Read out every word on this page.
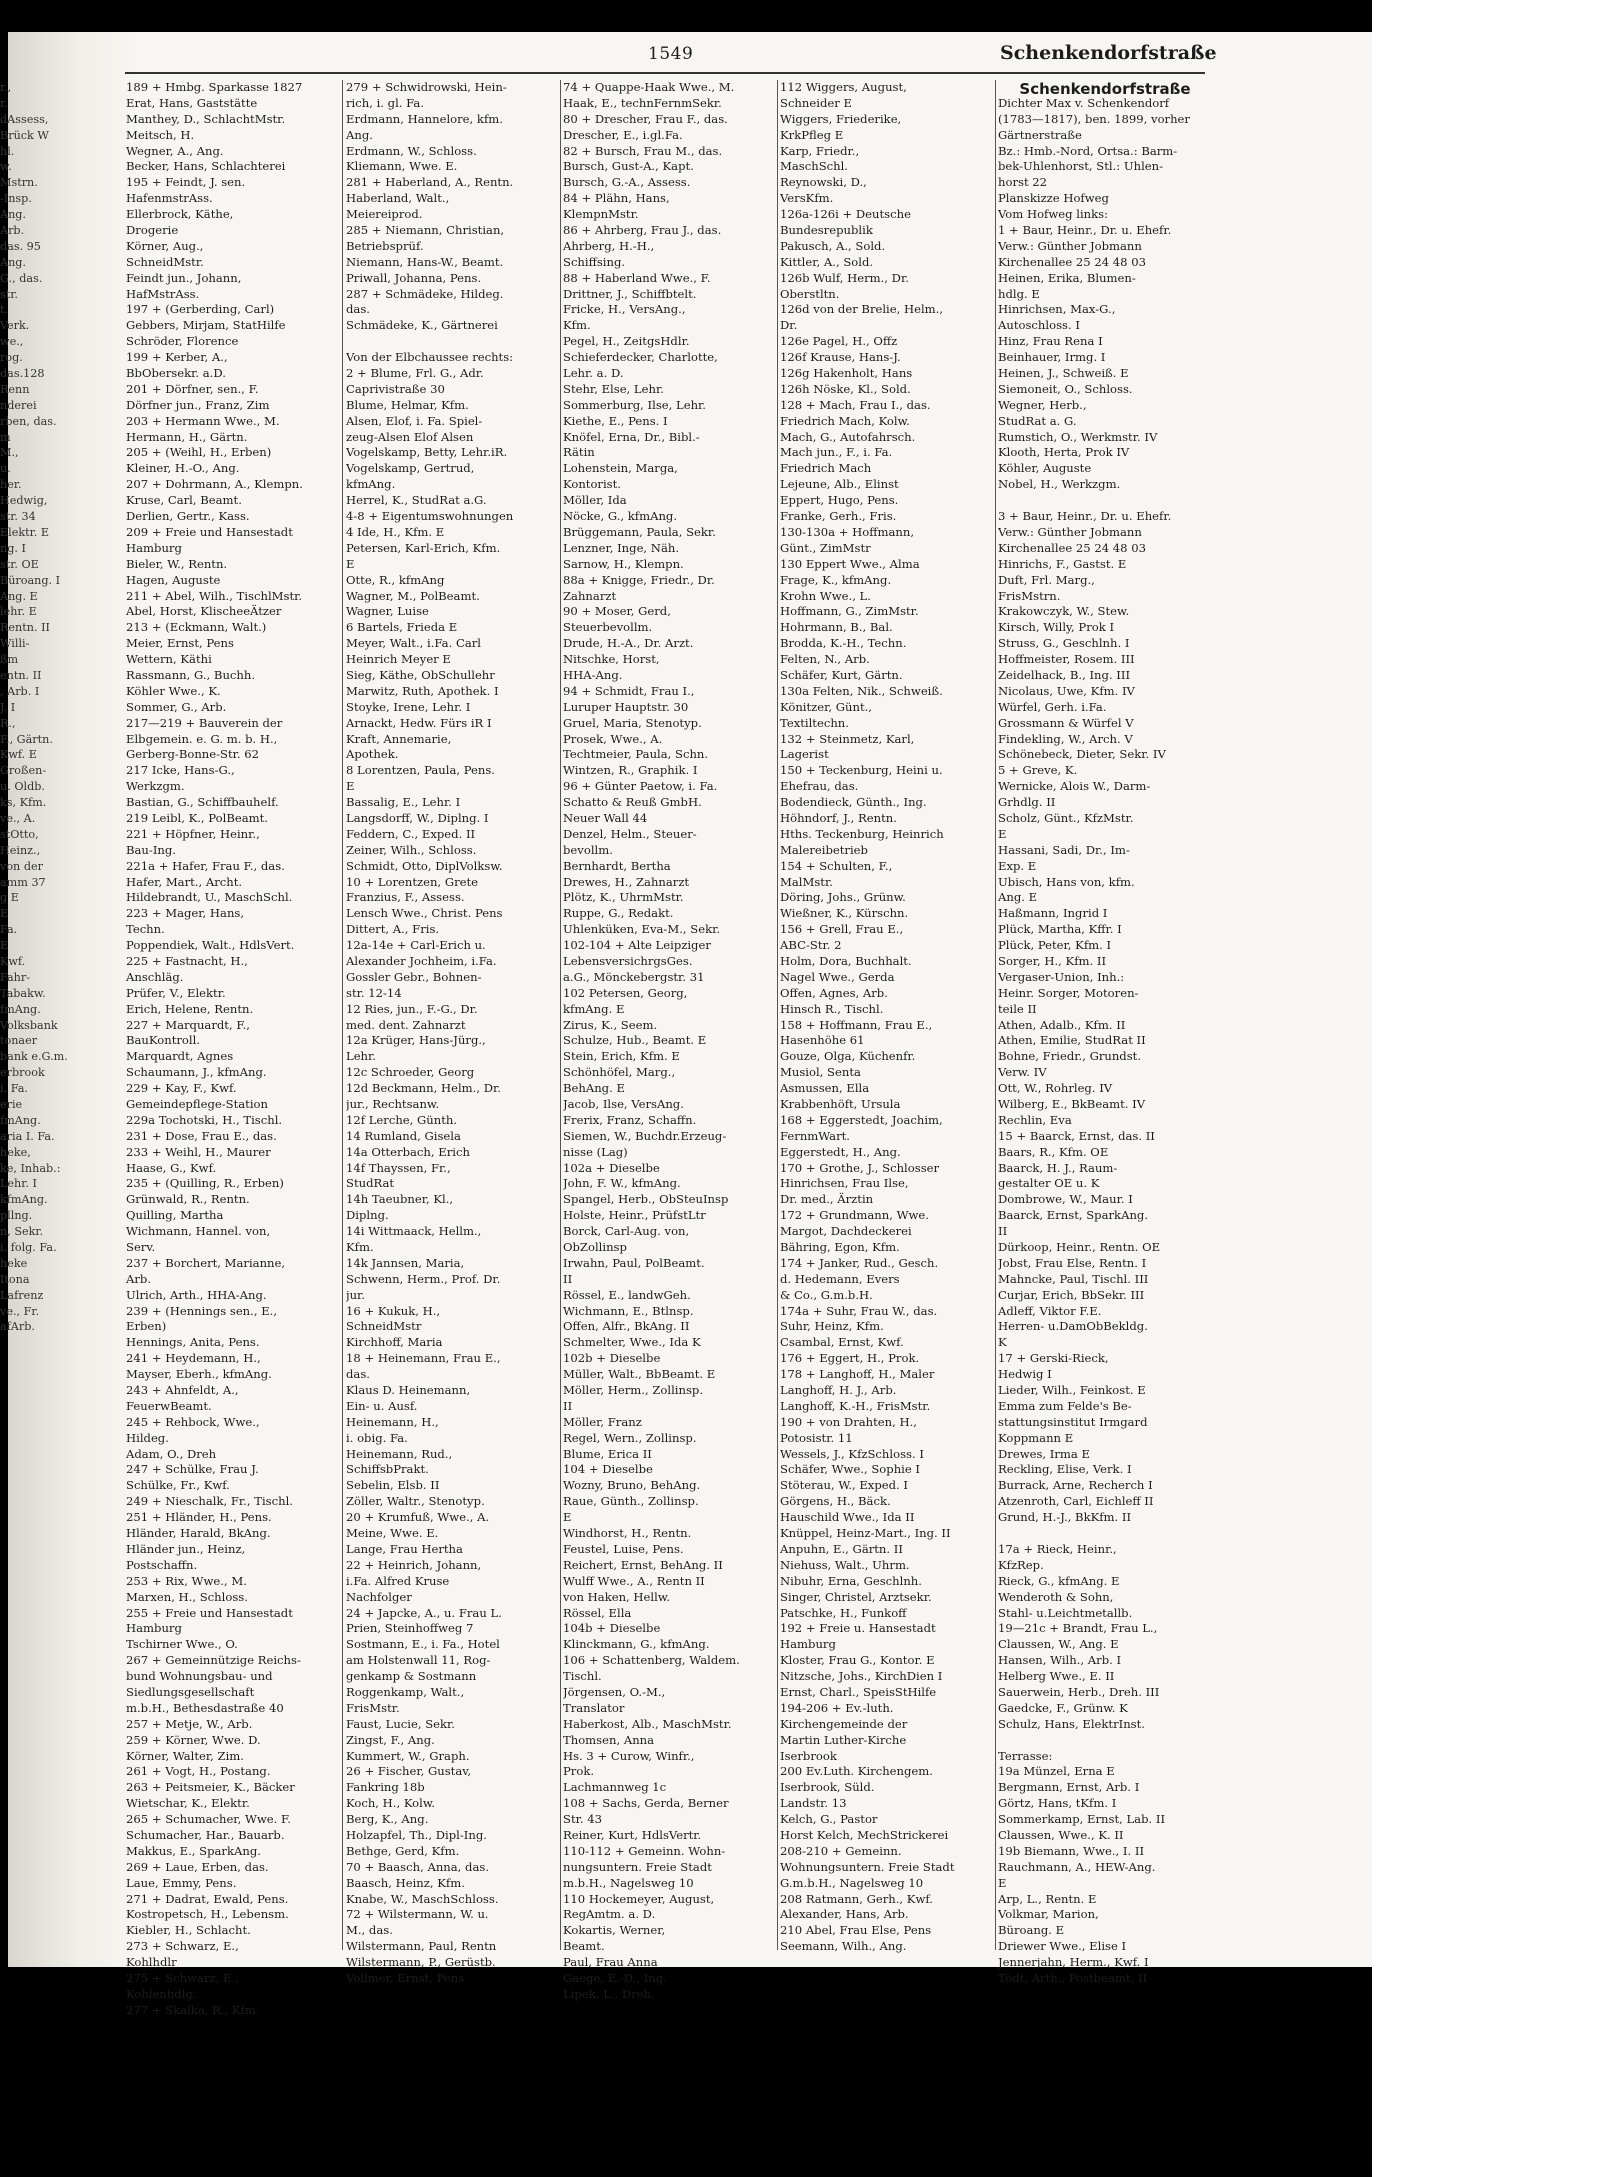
1549	Schenkendorfstraße
r.,
r.
dAssess,
Brück W
hl.
w.
Mstrn.
-Insp.
Ang.
Arb.
das. 95
Ang.
G., das.
str.
t.
Verk.
we.,
rog.
das.128
Renn
nderei
rben, das.
m
M.,
u.
her.
Hedwig,
str. 34
Elektr. E
ng. I
str. OE
Büroang. I
Ang. E
lehr. E
Rentn. II
Willi-
ßm
entn. II
, Arb. I
J. I
R.,
F., Gärtn.
Kwf. E
Großen-
u. Oldb.
ks, Kfm.
ve., A.
stOtto,
Heinz.,
von der
amm 37
g E
E
Fa.
E
Kwf.
Fahr-
Tabakw.
fmAng.
Volksbank
tonaer
bank e.G.m.
erbrook
i. Fa.
erie
fmAng.
aria I. Fa.
heke,
ke, Inhab.:
Lehr. I
kfmAng.
pllng.
n, Sekr.
i. folg. Fa.
heke
Itona
Lafrenz
ve., Fr.
afArb.
189 + Hmbg. Sparkasse 1827
Erat, Hans, Gaststätte
Manthey, D., SchlachtMstr.
Meitsch, H.
Wegner, A., Ang.
Becker, Hans, Schlachterei
195 + Feindt, J. sen.
HafenmstrAss.
Ellerbrock, Käthe,
Drogerie
Körner, Aug.,
SchneidMstr.
Feindt jun., Johann,
HafMstrAss.
197 + (Gerberding, Carl)
Gebbers, Mirjam, StatHilfe
Schröder, Florence
199 + Kerber, A.,
BbObersekr. a.D.
201 + Dörfner, sen., F.
Dörfner jun., Franz, Zim
203 + Hermann Wwe., M.
Hermann, H., Gärtn.
205 + (Weihl, H., Erben)
Kleiner, H.-O., Ang.
207 + Dohrmann, A., Klempn.
Kruse, Carl, Beamt.
Derlien, Gertr., Kass.
209 + Freie und Hansestadt
Hamburg
Bieler, W., Rentn.
Hagen, Auguste
211 + Abel, Wilh., TischlMstr.
Abel, Horst, KlischeeÄtzer
213 + (Eckmann, Walt.)
Meier, Ernst, Pens
Wettern, Käthi
Rassmann, G., Buchh.
Köhler Wwe., K.
Sommer, G., Arb.
217—219 + Bauverein der
Elbgemein. e. G. m. b. H.,
Gerberg-Bonne-Str. 62
217 Icke, Hans-G.,
Werkzgm.
Bastian, G., Schiffbauhelf.
219 Leibl, K., PolBeamt.
221 + Höpfner, Heinr.,
Bau-Ing.
221a + Hafer, Frau F., das.
Hafer, Mart., Archt.
Hildebrandt, U., MaschSchl.
223 + Mager, Hans,
Techn.
Poppendiek, Walt., HdlsVert.
225 + Fastnacht, H.,
Anschläg.
Prüfer, V., Elektr.
Erich, Helene, Rentn.
227 + Marquardt, F.,
BauKontroll.
Marquardt, Agnes
Schaumann, J., kfmAng.
229 + Kay, F., Kwf.
Gemeindepflege-Station
229a Tochotski, H., Tischl.
231 + Dose, Frau E., das.
233 + Weihl, H., Maurer
Haase, G., Kwf.
235 + (Quilling, R., Erben)
Grünwald, R., Rentn.
Quilling, Martha
Wichmann, Hannel. von,
Serv.
237 + Borchert, Marianne,
Arb.
Ulrich, Arth., HHA-Ang.
239 + (Hennings sen., E.,
Erben)
Hennings, Anita, Pens.
241 + Heydemann, H.,
Mayser, Eberh., kfmAng.
243 + Ahnfeldt, A.,
FeuerwBeamt.
245 + Rehbock, Wwe.,
Hildeg.
Adam, O., Dreh
247 + Schülke, Frau J.
Schülke, Fr., Kwf.
249 + Nieschalk, Fr., Tischl.
251 + Hländer, H., Pens.
Hländer, Harald, BkAng.
Hländer jun., Heinz,
Postschaffn.
253 + Rix, Wwe., M.
Marxen, H., Schloss.
255 + Freie und Hansestadt
Hamburg
Tschirner Wwe., O.
267 + Gemeinnützige Reichs-
bund Wohnungsbau- und
Siedlungsgesellschaft
m.b.H., Bethesdastraße 40
257 + Metje, W., Arb.
259 + Körner, Wwe. D.
Körner, Walter, Zim.
261 + Vogt, H., Postang.
263 + Peitsmeier, K., Bäcker
Wietschar, K., Elektr.
265 + Schumacher, Wwe. F.
Schumacher, Har., Bauarb.
Makkus, E., SparkAng.
269 + Laue, Erben, das.
Laue, Emmy, Pens.
271 + Dadrat, Ewald, Pens.
Kostropetsch, H., Lebensm.
Kiebler, H., Schlacht.
273 + Schwarz, E.,
Kohlhdlr
275 + Schwarz, E.,
Kohlenhdlg.
277 + Skalka, R., Kfm.
279 + Schwidrowski, Hein-
rich, i. gl. Fa.
Erdmann, Hannelore, kfm.
Ang.
Erdmann, W., Schloss.
Kliemann, Wwe. E.
281 + Haberland, A., Rentn.
Haberland, Walt.,
Meiereiprod.
285 + Niemann, Christian,
Betriebsprüf.
Niemann, Hans-W., Beamt.
Priwall, Johanna, Pens.
287 + Schmädeke, Hildeg.
das.
Schmädeke, K., Gärtnerei
Von der Elbchaussee rechts:
2 + Blume, Frl. G., Adr.
Caprivistraße 30
Blume, Helmar, Kfm.
Alsen, Elof, i. Fa. Spiel-
zeug-Alsen Elof Alsen
Vogelskamp, Betty, Lehr.iR.
Vogelskamp, Gertrud,
kfmAng.
Herrel, K., StudRat a.G.
4-8 + Eigentumswohnungen
4 Ide, H., Kfm. E
Petersen, Karl-Erich, Kfm.
E
Otte, R., kfmAng
Wagner, M., PolBeamt.
Wagner, Luise
6 Bartels, Frieda E
Meyer, Walt., i.Fa. Carl
Heinrich Meyer E
Sieg, Käthe, ObSchullehr
Marwitz, Ruth, Apothek. I
Stoyke, Irene, Lehr. I
Arnackt, Hedw. Fürs iR I
Kraft, Annemarie,
Apothek.
8 Lorentzen, Paula, Pens.
E
Bassalig, E., Lehr. I
Langsdorff, W., Diplng. I
Feddern, C., Exped. II
Zeiner, Wilh., Schloss.
Schmidt, Otto, DiplVolksw.
10 + Lorentzen, Grete
Franzius, F., Assess.
Lensch Wwe., Christ. Pens
Dittert, A., Fris.
12a-14e + Carl-Erich u.
Alexander Jochheim, i.Fa.
Gossler Gebr., Bohnen-
str. 12-14
12 Ries, jun., F.-G., Dr.
med. dent. Zahnarzt
12a Krüger, Hans-Jürg.,
Lehr.
12c Schroeder, Georg
12d Beckmann, Helm., Dr.
jur., Rechtsanw.
12f Lerche, Günth.
14 Rumland, Gisela
14a Otterbach, Erich
14f Thayssen, Fr.,
StudRat
14h Taeubner, Kl.,
Diplng.
14i Wittmaack, Hellm.,
Kfm.
14k Jannsen, Maria,
Schwenn, Herm., Prof. Dr.
jur.
16 + Kukuk, H.,
SchneidMstr
Kirchhoff, Maria
18 + Heinemann, Frau E.,
das.
Klaus D. Heinemann,
Ein- u. Ausf.
Heinemann, H.,
i. obig. Fa.
Heinemann, Rud.,
SchiffsbPrakt.
Sebelin, Elsb. II
Zöller, Waltr., Stenotyp.
20 + Krumfuß, Wwe., A.
Meine, Wwe. E.
Lange, Frau Hertha
22 + Heinrich, Johann,
i.Fa. Alfred Kruse
Nachfolger
24 + Japcke, A., u. Frau L.
Prien, Steinhoffweg 7
Sostmann, E., i. Fa., Hotel
am Holstenwall 11, Rog-
genkamp & Sostmann
Roggenkamp, Walt.,
FrisMstr.
Faust, Lucie, Sekr.
Zingst, F., Ang.
Kummert, W., Graph.
26 + Fischer, Gustav,
Fankring 18b
Koch, H., Kolw.
Berg, K., Ang.
Holzapfel, Th., Dipl-Ing.
Bethge, Gerd, Kfm.
70 + Baasch, Anna, das.
Baasch, Heinz, Kfm.
Knabe, W., MaschSchloss.
72 + Wilstermann, W. u.
M., das.
Wilstermann, Paul, Rentn
Wilstermann, P., Gerüstb.
Vollmer, Ernst, Pens
74 + Quappe-Haak Wwe., M.
Haak, E., technFernmSekr.
80 + Drescher, Frau F., das.
Drescher, E., i.gl.Fa.
82 + Bursch, Frau M., das.
Bursch, Gust-A., Kapt.
Bursch, G.-A., Assess.
84 + Plähn, Hans,
KlempnMstr.
86 + Ahrberg, Frau J., das.
Ahrberg, H.-H.,
Schiffsing.
88 + Haberland Wwe., F.
Drittner, J., Schiffbtelt.
Fricke, H., VersAng.,
Kfm.
Pegel, H., ZeitgsHdlr.
Schieferdecker, Charlotte,
Lehr. a. D.
Stehr, Else, Lehr.
Sommerburg, Ilse, Lehr.
Kiethe, E., Pens. I
Knöfel, Erna, Dr., Bibl.-
Rätin
Lohenstein, Marga,
Kontorist.
Möller, Ida
Nöcke, G., kfmAng.
Brüggemann, Paula, Sekr.
Lenzner, Inge, Näh.
Sarnow, H., Klempn.
88a + Knigge, Friedr., Dr.
Zahnarzt
90 + Moser, Gerd,
Steuerbevollm.
Drude, H.-A., Dr. Arzt.
Nitschke, Horst,
HHA-Ang.
94 + Schmidt, Frau I.,
Luruper Hauptstr. 30
Gruel, Maria, Stenotyp.
Prosek, Wwe., A.
Techtmeier, Paula, Schn.
Wintzen, R., Graphik. I
96 + Günter Paetow, i. Fa.
Schatto & Reuß GmbH.
Neuer Wall 44
Denzel, Helm., Steuer-
bevollm.
Bernhardt, Bertha
Drewes, H., Zahnarzt
Plötz, K., UhrmMstr.
Ruppe, G., Redakt.
Uhlenküken, Eva-M., Sekr.
102-104 + Alte Leipziger
LebensversichrgsGes.
a.G., Mönckebergstr. 31
102 Petersen, Georg,
kfmAng. E
Zirus, K., Seem.
Schulze, Hub., Beamt. E
Stein, Erich, Kfm. E
Schönhöfel, Marg.,
BehAng. E
Jacob, Ilse, VersAng.
Frerix, Franz, Schaffn.
Siemen, W., Buchdr.Erzeug-
nisse (Lag)
102a + Dieselbe
John, F. W., kfmAng.
Spangel, Herb., ObSteuInsp
Holste, Heinr., PrüfstLtr
Borck, Carl-Aug. von,
ObZollinsp
Irwahn, Paul, PolBeamt.
II
Rössel, E., landwGeh.
Wichmann, E., Btlnsp.
Offen, Alfr., BkAng. II
Schmelter, Wwe., Ida K
102b + Dieselbe
Müller, Walt., BbBeamt. E
Möller, Herm., Zollinsp.
II
Möller, Franz
Regel, Wern., Zollinsp.
Blume, Erica II
104 + Dieselbe
Wozny, Bruno, BehAng.
Raue, Günth., Zollinsp.
E
Windhorst, H., Rentn.
Feustel, Luise, Pens.
Reichert, Ernst, BehAng. II
Wulff Wwe., A., Rentn II
von Haken, Hellw.
Rössel, Ella
104b + Dieselbe
Klinckmann, G., kfmAng.
106 + Schattenberg, Waldem.
Tischl.
Jörgensen, O.-M.,
Translator
Haberkost, Alb., MaschMstr.
Thomsen, Anna
Hs. 3 + Curow, Winfr.,
Prok.
Lachmannweg 1c
108 + Sachs, Gerda, Berner
Str. 43
Reiner, Kurt, HdlsVertr.
110-112 + Gemeinn. Wohn-
nungsuntern. Freie Stadt
m.b.H., Nagelsweg 10
110 Hockemeyer, August,
RegAmtm. a. D.
Kokartis, Werner,
Beamt.
Paul, Frau Anna
Gaege, E.-D., Ing.
Lipek, L., Dreh.
112 Wiggers, August,
Schneider E
Wiggers, Friederike,
KrkPfleg E
Karp, Friedr.,
MaschSchl.
Reynowski, D.,
VersKfm.
126a-126i + Deutsche
Bundesrepublik
Pakusch, A., Sold.
Kittler, A., Sold.
126b Wulf, Herm., Dr.
Oberstltn.
126d von der Brelie, Helm.,
Dr.
126e Pagel, H., Offz
126f Krause, Hans-J.
126g Hakenholt, Hans
126h Nöske, Kl., Sold.
128 + Mach, Frau I., das.
Friedrich Mach, Kolw.
Mach, G., Autofahrsch.
Mach jun., F., i. Fa.
Friedrich Mach
Lejeune, Alb., Elinst
Eppert, Hugo, Pens.
Franke, Gerh., Fris.
130-130a + Hoffmann,
Günt., ZimMstr
130 Eppert Wwe., Alma
Frage, K., kfmAng.
Krohn Wwe., L.
Hoffmann, G., ZimMstr.
Hohrmann, B., Bal.
Brodda, K.-H., Techn.
Felten, N., Arb.
Schäfer, Kurt, Gärtn.
130a Felten, Nik., Schweiß.
Könitzer, Günt.,
Textiltechn.
132 + Steinmetz, Karl,
Lagerist
150 + Teckenburg, Heini u.
Ehefrau, das.
Bodendieck, Günth., Ing.
Höhndorf, J., Rentn.
Hths. Teckenburg, Heinrich
Malereibetrieb
154 + Schulten, F.,
MalMstr.
Döring, Johs., Grünw.
Wießner, K., Kürschn.
156 + Grell, Frau E.,
ABC-Str. 2
Holm, Dora, Buchhalt.
Nagel Wwe., Gerda
Offen, Agnes, Arb.
Hinsch R., Tischl.
158 + Hoffmann, Frau E.,
Hasenhöhe 61
Gouze, Olga, Küchenfr.
Musiol, Senta
Asmussen, Ella
Krabbenhöft, Ursula
168 + Eggerstedt, Joachim,
FernmWart.
Eggerstedt, H., Ang.
170 + Grothe, J., Schlosser
Hinrichsen, Frau Ilse,
Dr. med., Ärztin
172 + Grundmann, Wwe.
Margot, Dachdeckerei
Bähring, Egon, Kfm.
174 + Janker, Rud., Gesch.
d. Hedemann, Evers
& Co., G.m.b.H.
174a + Suhr, Frau W., das.
Suhr, Heinz, Kfm.
Csambal, Ernst, Kwf.
176 + Eggert, H., Prok.
178 + Langhoff, H., Maler
Langhoff, H. J., Arb.
Langhoff, K.-H., FrisMstr.
190 + von Drahten, H.,
Potosistr. 11
Wessels, J., KfzSchloss. I
Schäfer, Wwe., Sophie I
Stöterau, W., Exped. I
Görgens, H., Bäck.
Hauschild Wwe., Ida II
Knüppel, Heinz-Mart., Ing. II
Anpuhn, E., Gärtn. II
Niehuss, Walt., Uhrm.
Nibuhr, Erna, Geschlnh.
Singer, Christel, Arztsekr.
Patschke, H., Funkoff
192 + Freie u. Hansestadt
Hamburg
Kloster, Frau G., Kontor. E
Nitzsche, Johs., KirchDien I
Ernst, Charl., SpeisStHilfe
194-206 + Ev.-luth.
Kirchengemeinde der
Martin Luther-Kirche
Iserbrook
200 Ev.Luth. Kirchengem.
Iserbrook, Süld.
Landstr. 13
Kelch, G., Pastor
Horst Kelch, MechStrickerei
208-210 + Gemeinn.
Wohnungsuntern. Freie Stadt
G.m.b.H., Nagelsweg 10
208 Ratmann, Gerh., Kwf.
Alexander, Hans, Arb.
210 Abel, Frau Else, Pens
Seemann, Wilh., Ang.
Dichter Max v. Schenkendorf
(1783—1817), ben. 1899, vorher
Gärtnerstraße
Bz.: Hmb.-Nord, Ortsa.: Barm-
bek-Uhlenhorst, Stl.: Uhlen-
horst 22
Planskizze Hofweg
Vom Hofweg links:
1 + Baur, Heinr., Dr. u. Ehefr.
Verw.: Günther Jobmann
Kirchenallee 25 24 48 03
Heinen, Erika, Blumen-
hdlg. E
Hinrichsen, Max-G.,
Autoschloss. I
Hinz, Frau Rena I
Beinhauer, Irmg. I
Heinen, J., Schweiß. E
Siemoneit, O., Schloss.
Wegner, Herb.,
StudRat a. G.
Rumstich, O., Werkmstr. IV
Klooth, Herta, Prok IV
Köhler, Auguste
Nobel, H., Werkzgm.
3 + Baur, Heinr., Dr. u. Ehefr.
Verw.: Günther Jobmann
Kirchenallee 25 24 48 03
Hinrichs, F., Gastst. E
Duft, Frl. Marg.,
FrisMstrn.
Krakowczyk, W., Stew.
Kirsch, Willy, Prok I
Struss, G., Geschlnh. I
Hoffmeister, Rosem. III
Zeidelhack, B., Ing. III
Nicolaus, Uwe, Kfm. IV
Würfel, Gerh. i.Fa.
Grossmann & Würfel V
Findekling, W., Arch. V
Schönebeck, Dieter, Sekr. IV
5 + Greve, K.
Wernicke, Alois W., Darm-
Grhdlg. II
Scholz, Günt., KfzMstr.
E
Hassani, Sadi, Dr., Im-
Exp. E
Ubisch, Hans von, kfm.
Ang. E
Haßmann, Ingrid I
Plück, Martha, Kffr. I
Plück, Peter, Kfm. I
Sorger, H., Kfm. II
Vergaser-Union, Inh.:
Heinr. Sorger, Motoren-
teile II
Athen, Adalb., Kfm. II
Athen, Emilie, StudRat II
Bohne, Friedr., Grundst.
Verw. IV
Ott, W., Rohrleg. IV
Wilberg, E., BkBeamt. IV
Rechlin, Eva
15 + Baarck, Ernst, das. II
Baars, R., Kfm. OE
Baarck, H. J., Raum-
gestalter OE u. K
Dombrowe, W., Maur. I
Baarck, Ernst, SparkAng.
II
Dürkoop, Heinr., Rentn. OE
Jobst, Frau Else, Rentn. I
Mahncke, Paul, Tischl. III
Curjar, Erich, BbSekr. III
Adleff, Viktor F.E.
Herren- u.DamObBekldg.
K
17 + Gerski-Rieck,
Hedwig I
Lieder, Wilh., Feinkost. E
Emma zum Felde's Be-
stattungsinstitut Irmgard
Koppmann E
Drewes, Irma E
Reckling, Elise, Verk. I
Burrack, Arne, Recherch I
Atzenroth, Carl, Eichleff II
Grund, H.-J., BkKfm. II
17a + Rieck, Heinr.,
KfzRep.
Rieck, G., kfmAng. E
Wenderoth & Sohn,
Stahl- u.Leichtmetallb.
19—21c + Brandt, Frau L.,
Claussen, W., Ang. E
Hansen, Wilh., Arb. I
Helberg Wwe., E. II
Sauerwein, Herb., Dreh. III
Gaedcke, F., Grünw. K
Schulz, Hans, ElektrInst.
Terrasse:
19a Münzel, Erna E
Bergmann, Ernst, Arb. I
Görtz, Hans, tKfm. I
Sommerkamp, Ernst, Lab. II
Claussen, Wwe., K. II
19b Biemann, Wwe., I. II
Rauchmann, A., HEW-Ang.
E
Arp, L., Rentn. E
Volkmar, Marion,
Büroang. E
Driewer Wwe., Elise I
Jennerjahn, Herm., Kwf. I
Tödt, Arth., Postbeamt. II
Schenkendorfstraße
